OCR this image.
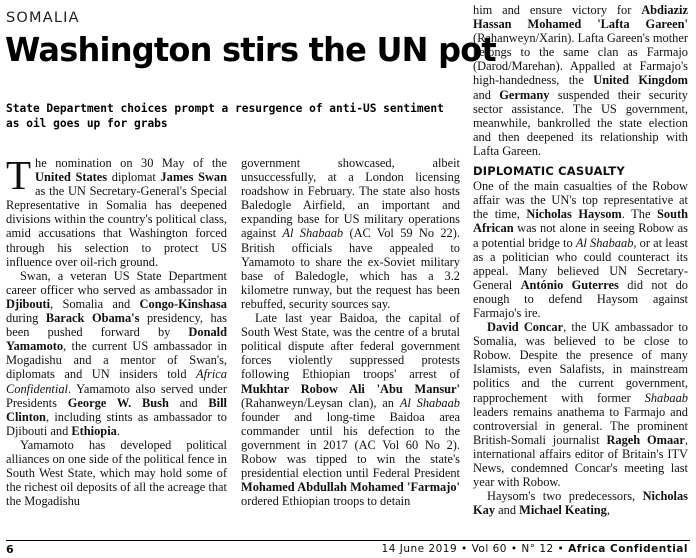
SOMALIA
Washington stirs the UN pot
State Department choices prompt a resurgence of anti-US sentiment as oil goes up for grabs
T he nomination on 30 May of the United States diplomat James Swan as the UN Secretary-General's Special Representative in Somalia has deepened divisions within the country's political class, amid accusations that Washington forced through his selection to protect US influence over oil-rich ground.

Swan, a veteran US State Department career officer who served as ambassador in Djibouti, Somalia and Congo-Kinshasa during Barack Obama's presidency, has been pushed forward by Donald Yamamoto, the current US ambassador in Mogadishu and a mentor of Swan's, diplomats and UN insiders told Africa Confidential. Yamamoto also served under Presidents George W. Bush and Bill Clinton, including stints as ambassador to Djibouti and Ethiopia.

Yamamoto has developed political alliances on one side of the political fence in South West State, which may hold some of the richest oil deposits of all the acreage that the Mogadishu

government showcased, albeit unsuccessfully, at a London licensing roadshow in February. The state also hosts Baledogle Airfield, an important and expanding base for US military operations against Al Shabaab (AC Vol 59 No 22). British officials have appealed to Yamamoto to share the ex-Soviet military base of Baledogle, which has a 3.2 kilometre runway, but the request has been rebuffed, security sources say.

Late last year Baidoa, the capital of South West State, was the centre of a brutal political dispute after federal government forces violently suppressed protests following Ethiopian troops' arrest of Mukhtar Robow Ali 'Abu Mansur' (Rahanweyn/Leysan clan), an Al Shabaab founder and long-time Baidoa area commander until his defection to the government in 2017 (AC Vol 60 No 2). Robow was tipped to win the state's presidential election until Federal President Mohamed Abdullah Mohamed 'Farmajo' ordered Ethiopian troops to detain

him and ensure victory for Abdiaziz Hassan Mohamed 'Lafta Gareen' (Rahanweyn/Xarin). Lafta Gareen's mother belongs to the same clan as Farmajo (Darod/Marehan). Appalled at Farmajo's high-handedness, the United Kingdom and Germany suspended their security sector assistance. The US government, meanwhile, bankrolled the state election and then deepened its relationship with Lafta Gareen.

DIPLOMATIC CASUALTY

One of the main casualties of the Robow affair was the UN's top representative at the time, Nicholas Haysom. The South African was not alone in seeing Robow as a potential bridge to Al Shabaab, or at least as a politician who could counteract its appeal. Many believed UN Secretary-General António Guterres did not do enough to defend Haysom against Farmajo's ire.

David Concar, the UK ambassador to Somalia, was believed to be close to Robow. Despite the presence of many Islamists, even Salafists, in mainstream politics and the current government, rapprochement with former Shabaab leaders remains anathema to Farmajo and controversial in general. The prominent British-Somali journalist Rageh Omaar, international affairs editor of Britain's ITV News, condemned Concar's meeting last year with Robow.

Haysom's two predecessors, Nicholas Kay and Michael Keating,

6	14 June 2019 • Vol 60 • N° 12 • Africa Confidential
